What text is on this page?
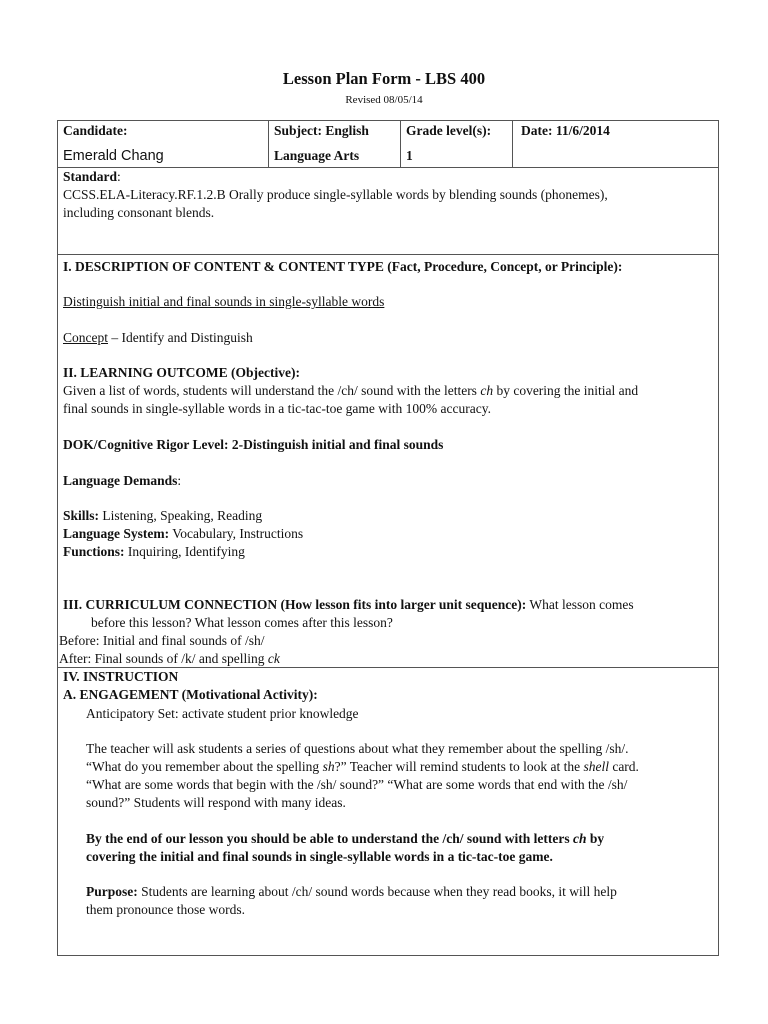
Lesson Plan Form - LBS 400
Revised 08/05/14
Candidate:
Emerald Chang
Subject: English
Language Arts
Grade level(s):
1
Date: 11/6/2014
Standard:
CCSS.ELA-Literacy.RF.1.2.B Orally produce single-syllable words by blending sounds (phonemes),
including consonant blends.
I. DESCRIPTION OF CONTENT & CONTENT TYPE (Fact, Procedure, Concept, or Principle):
Distinguish initial and final sounds in single-syllable words
Concept – Identify and Distinguish
II. LEARNING OUTCOME (Objective):
Given a list of words, students will understand the /ch/ sound with the letters ch by covering the initial and
final sounds in single-syllable words in a tic-tac-toe game with 100% accuracy.
DOK/Cognitive Rigor Level: 2-Distinguish initial and final sounds
Language Demands:
Skills: Listening, Speaking, Reading
Language System: Vocabulary, Instructions
Functions: Inquiring, Identifying
III. CURRICULUM CONNECTION (How lesson fits into larger unit sequence): What lesson comes
before this lesson? What lesson comes after this lesson?
Before: Initial and final sounds of /sh/
After: Final sounds of /k/ and spelling ck
IV. INSTRUCTION
A. ENGAGEMENT (Motivational Activity):
Anticipatory Set: activate student prior knowledge
The teacher will ask students a series of questions about what they remember about the spelling /sh/.
“What do you remember about the spelling sh?” Teacher will remind students to look at the shell card.
“What are some words that begin with the /sh/ sound?” “What are some words that end with the /sh/
sound?” Students will respond with many ideas.
By the end of our lesson you should be able to understand the /ch/ sound with letters ch by
covering the initial and final sounds in single-syllable words in a tic-tac-toe game.
Purpose: Students are learning about /ch/ sound words because when they read books, it will help
them pronounce those words.
